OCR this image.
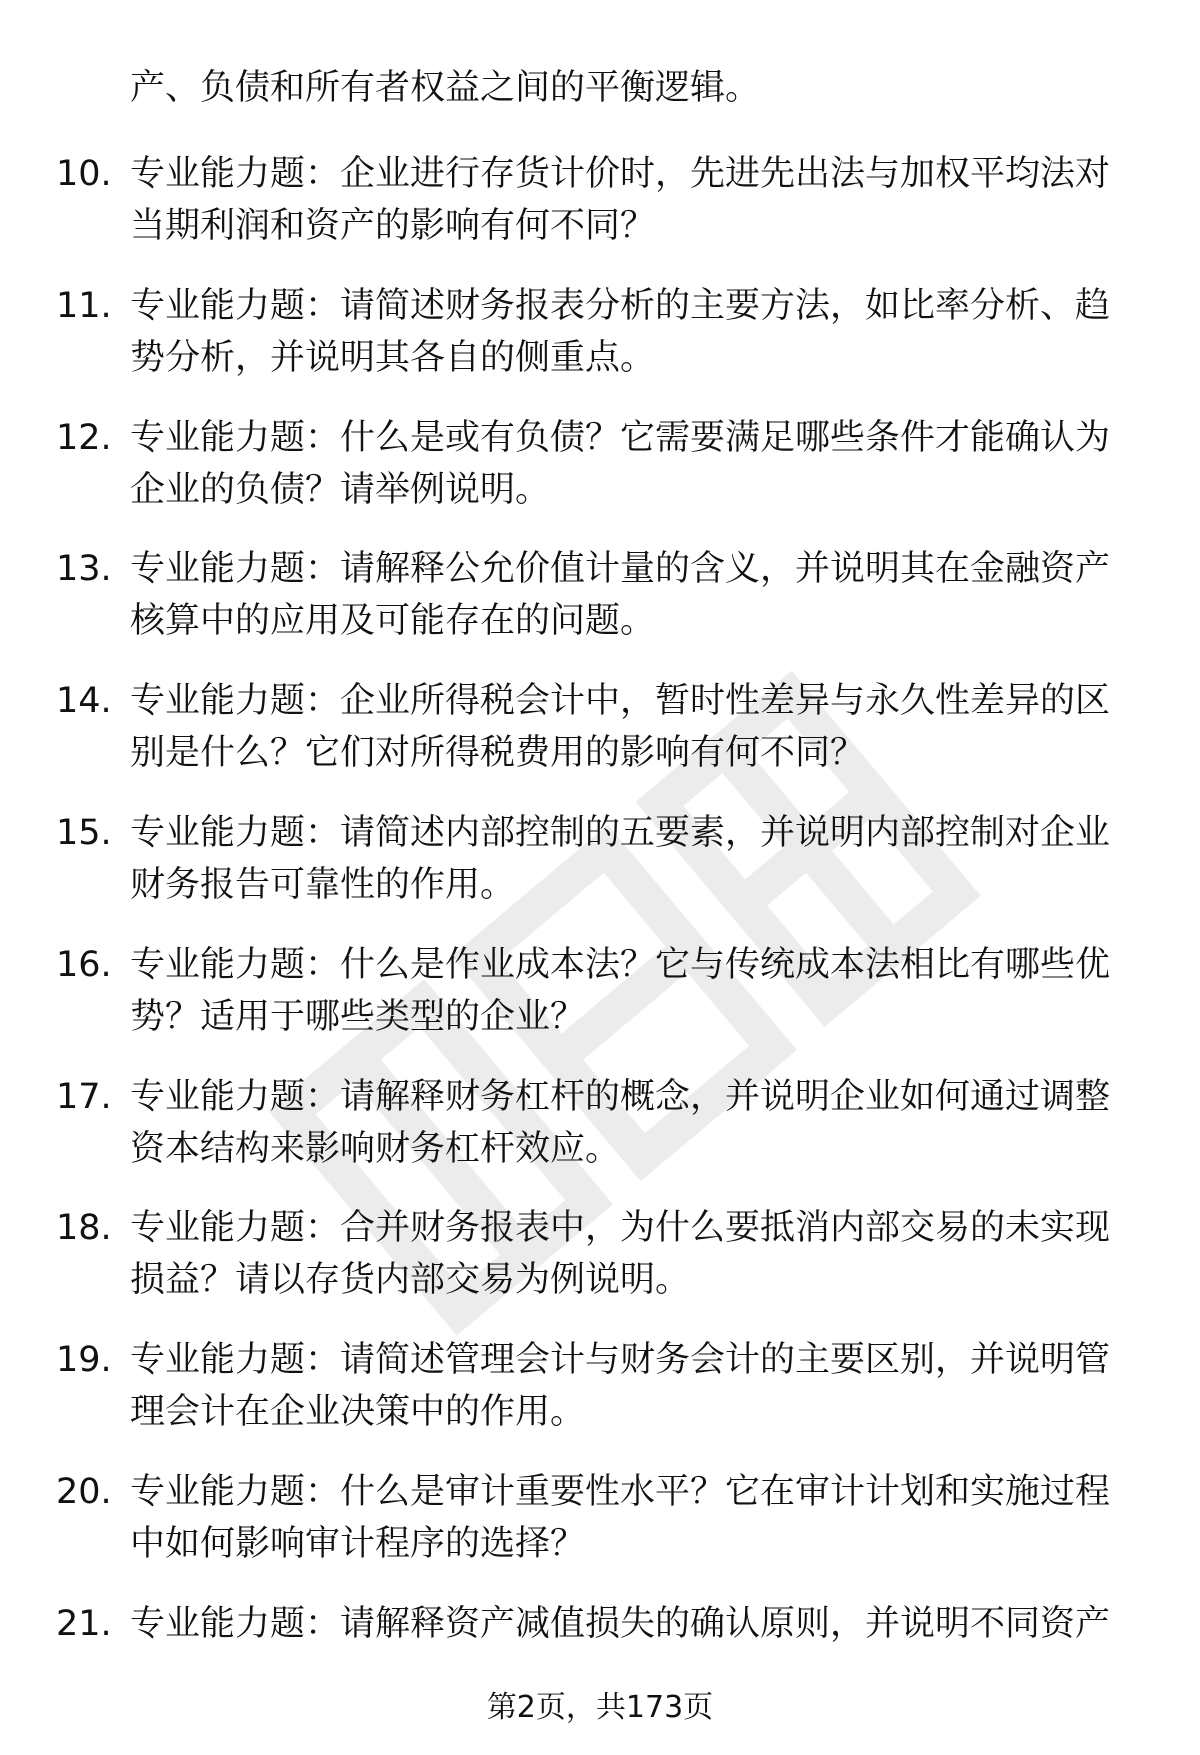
产、负债和所有者权益之间的平衡逻辑。
10. 专业能力题：企业进行存货计价时，先进先出法与加权平均法对
当期利润和资产的影响有何不同？
11. 专业能力题：请简述财务报表分析的主要方法，如比率分析、趋
势分析，并说明其各自的侧重点。
12. 专业能力题：什么是或有负债？它需要满足哪些条件才能确认为
企业的负债？请举例说明。
13. 专业能力题：请解释公允价值计量的含义，并说明其在金融资产
核算中的应用及可能存在的问题。
14. 专业能力题：企业所得税会计中，暂时性差异与永久性差异的区
别是什么？它们对所得税费用的影响有何不同？
15. 专业能力题：请简述内部控制的五要素，并说明内部控制对企业
财务报告可靠性的作用。
16. 专业能力题：什么是作业成本法？它与传统成本法相比有哪些优
势？适用于哪些类型的企业？
17. 专业能力题：请解释财务杠杆的概念，并说明企业如何通过调整
资本结构来影响财务杠杆效应。
18. 专业能力题：合并财务报表中，为什么要抵消内部交易的未实现
损益？请以存货内部交易为例说明。
19. 专业能力题：请简述管理会计与财务会计的主要区别，并说明管
理会计在企业决策中的作用。
20. 专业能力题：什么是审计重要性水平？它在审计计划和实施过程
中如何影响审计程序的选择？
21. 专业能力题：请解释资产减值损失的确认原则，并说明不同资产
第2页，共173页
